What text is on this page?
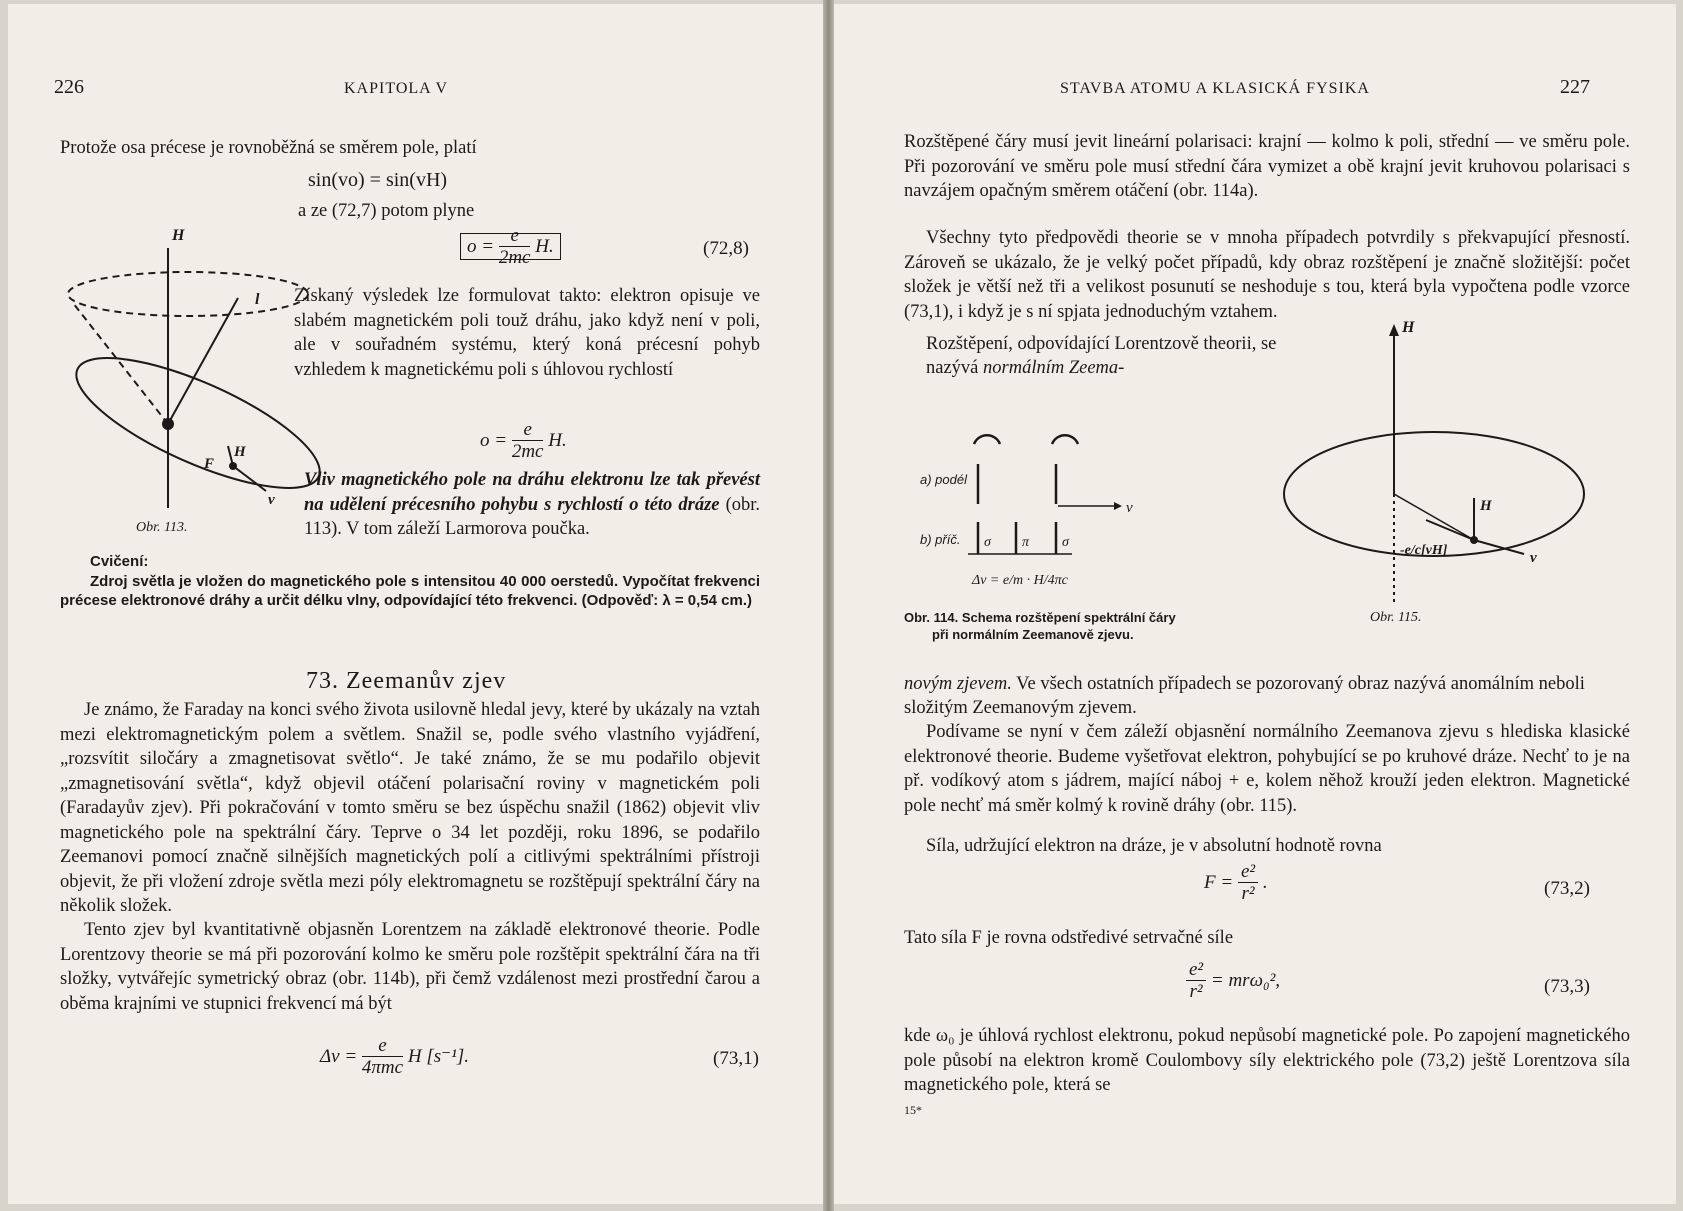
226	KAPITOLA V
Protože osa précese je rovnoběžná se směrem pole, platí
sin(vo) = sin(vH)
a ze (72,7) potom plyne
$o = \frac{e}{2mc} H$.	(72,8)

Získaný výsledek lze formulovat takto: elektron opisuje ve slabém magnetickém poli touž dráhu, jako když není v poli, ale v souřadném systému, který koná précesní pohyb vzhledem k magnetickému poli s úhlovou rychlostí

$o = \frac{e}{2mc} H$.

Vliv magnetického pole na dráhu elektronu lze tak převést na udělení précesního pohybu s rychlostí o této dráze (obr. 113). V tom záleží Larmorova poučka.

H
l
F
H
v
Obr. 113.
Cvičení:
Zdroj světla je vložen do magnetického pole s intensitou 40 000 oerstedů. Vypočítat frekvenci précese elektronové dráhy a určit délku vlny, odpovídající této frekvenci. (Odpověď: λ = 0,54 cm.)
73. Zeemanův zjev

Je známo, že Faraday na konci svého života usilovně hledal jevy, které by ukázaly na vztah mezi elektromagnetickým polem a světlem. Snažil se, podle svého vlastního vyjádření, „rozsvítit siločáry a zmagnetisovat světlo“. Je také známo, že se mu podařilo objevit „zmagnetisování světla“, když objevil otáčení polarisační roviny v magnetickém poli (Faradayův zjev). Při pokračování v tomto směru se bez úspěchu snažil (1862) objevit vliv magnetického pole na spektrální čáry. Teprve o 34 let později, roku 1896, se podařilo Zeemanovi pomocí značně silnějších magnetických polí a citlivými spektrálními přístroji objevit, že při vložení zdroje světla mezi póly elektromagnetu se rozštěpují spektrální čáry na několik složek.

Tento zjev byl kvantitativně objasněn Lorentzem na základě elektronové theorie. Podle Lorentzovy theorie se má při pozorování kolmo ke směru pole rozštěpit spektrální čára na tři složky, vytvářejíc symetrický obraz (obr. 114b), při čemž vzdálenost mezi prostřední čarou a oběma krajními ve stupnici frekvencí má být

$\Delta\nu = \frac{e}{\text{4πmc}}$ H [s⁻¹].	(73,1)
STAVBA ATOMU A KLASICKÁ FYSIKA	227

Rozštěpené čáry musí jevit lineární polarisaci: krajní — kolmo k poli, střední — ve směru pole. Při pozorování ve směru pole musí střední čára vymizet a obě krajní jevit kruhovou polarisaci s navzájem opačným směrem otáčení (obr. 114a).

Všechny tyto předpovědi theorie se v mnoha případech potvrdily s překvapující přesností. Zároveň se ukázalo, že je velký počet případů, kdy obraz rozštěpení je značně složitější: počet složek je větší než tři a velikost posunutí se neshoduje s tou, která byla vypočtena podle vzorce (73,1), i když je s ní spjata jednoduchým vztahem.

Rozštěpení, odpovídající Lorentzově theorii, se nazývá normálním Zeema-
a) podél
b) příč. σ π σ
ν
Δν = e/m · H/4πc
Obr. 114. Schema rozštěpení spektrální čáry
při normálním Zeemanově zjevu.
H
H
-e/c[vH]	v
Obr. 115.
novým zjevem. Ve všech ostatních případech se pozorovaný obraz nazývá anomálním neboli složitým Zeemanovým zjevem.

Podívame se nyní v čem záleží objasnění normálního Zeemanova zjevu s hlediska klasické elektronové theorie. Budeme vyšetřovat elektron, pohybující se po kruhové dráze. Nechť to je na př. vodíkový atom s jádrem, mající náboj + e, kolem něhož krouží jeden elektron. Magnetické pole nechť má směr kolmý k rovině dráhy (obr. 115).

Síla, udržující elektron na dráze, je v absolutní hodnotě rovna
$F = \frac{\text{e²}}{\text{r²}}$ .	(73,2)
Tato síla F je rovna odstředivé setrvačné síle
$\frac{\text{e²}}{\text{r²}} = mr\omega_0^2$,	(73,3)

kde ω₀ je úhlová rychlost elektronu, pokud nepůsobí magnetické pole. Po zapojení magnetického pole působí na elektron kromě Coulombovy síly elektrického pole (73,2) ještě Lorentzova síla magnetického pole, která se

15*
